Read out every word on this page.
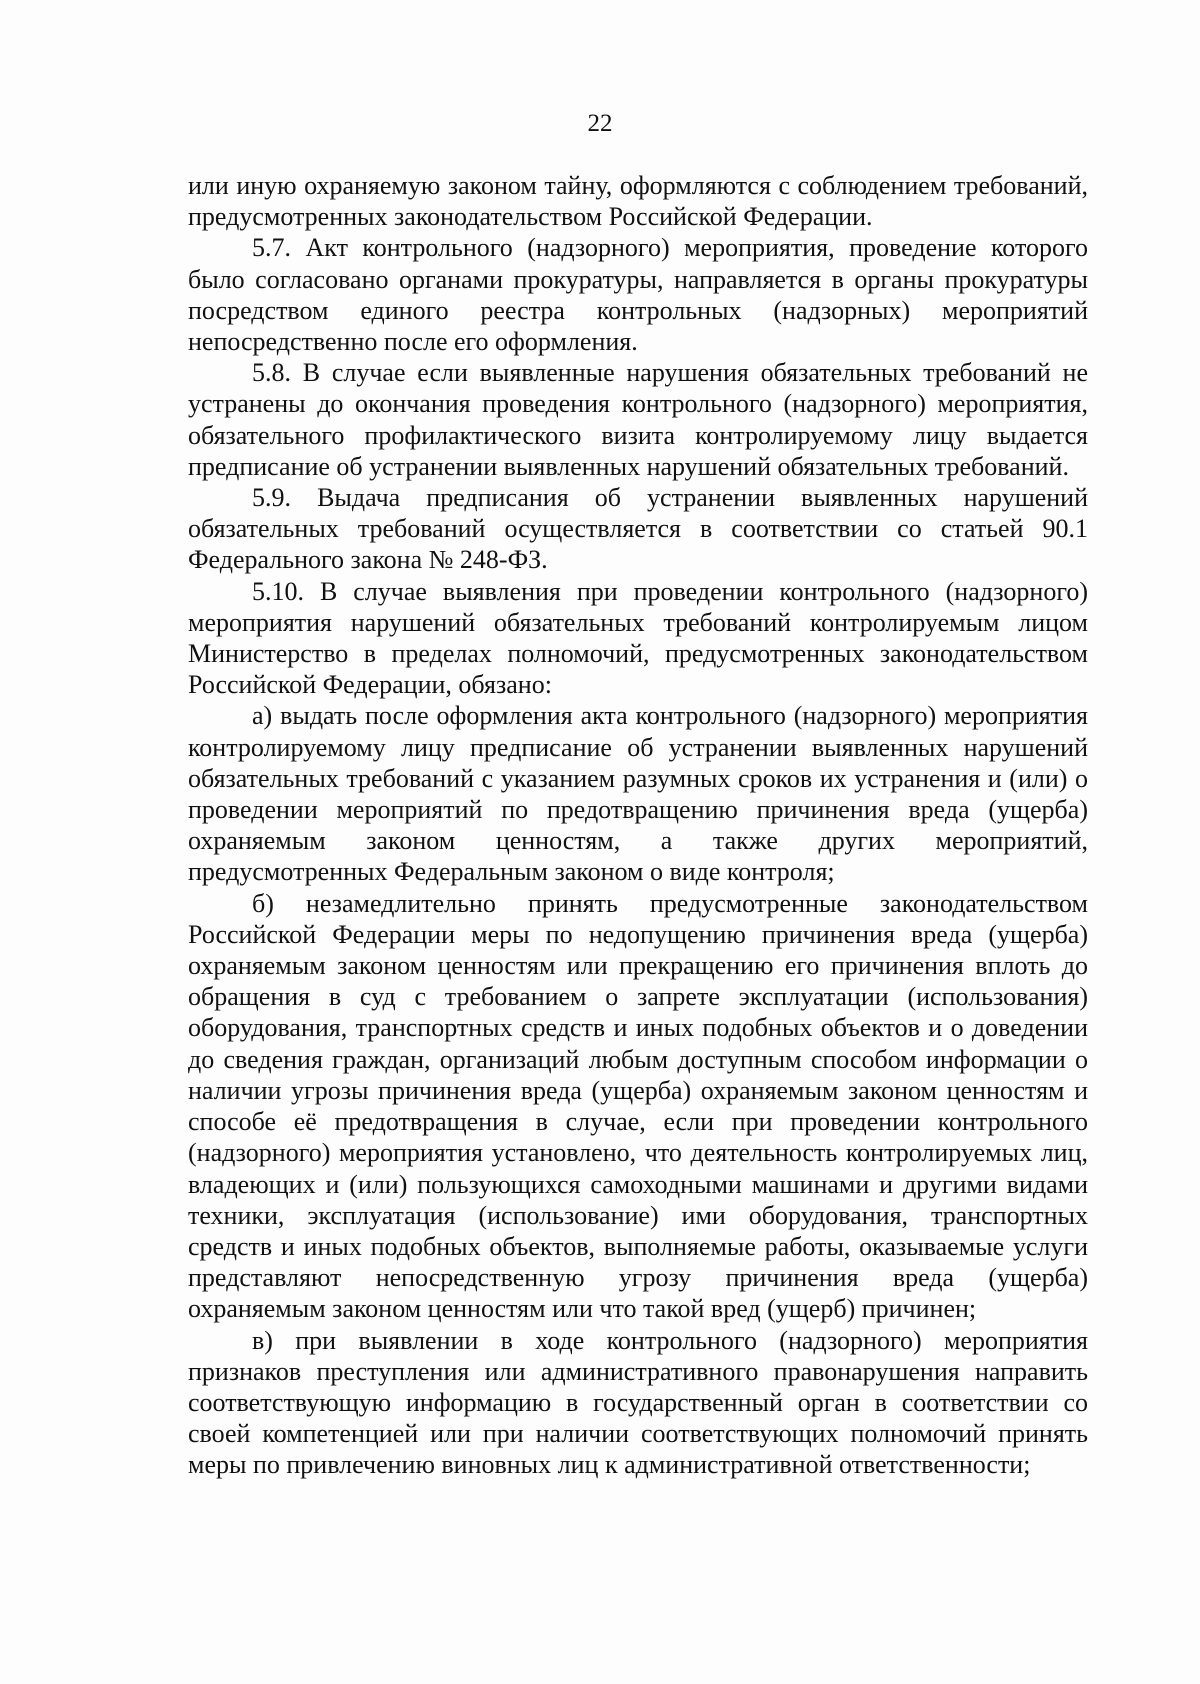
22

или иную охраняемую законом тайну, оформляются с соблюдением требований, предусмотренных законодательством Российской Федерации.

5.7. Акт контрольного (надзорного) мероприятия, проведение которого было согласовано органами прокуратуры, направляется в органы прокуратуры посредством единого реестра контрольных (надзорных) мероприятий непосредственно после его оформления.

5.8. В случае если выявленные нарушения обязательных требований не устранены до окончания проведения контрольного (надзорного) мероприятия, обязательного профилактического визита контролируемому лицу выдается предписание об устранении выявленных нарушений обязательных требований.

5.9. Выдача предписания об устранении выявленных нарушений обязательных требований осуществляется в соответствии со статьей 90.1 Федерального закона № 248-ФЗ.

5.10. В случае выявления при проведении контрольного (надзорного) мероприятия нарушений обязательных требований контролируемым лицом Министерство в пределах полномочий, предусмотренных законодательством Российской Федерации, обязано:

а) выдать после оформления акта контрольного (надзорного) мероприятия контролируемому лицу предписание об устранении выявленных нарушений обязательных требований с указанием разумных сроков их устранения и (или) о проведении мероприятий по предотвращению причинения вреда (ущерба) охраняемым законом ценностям, а также других мероприятий, предусмотренных Федеральным законом о виде контроля;

б) незамедлительно принять предусмотренные законодательством Российской Федерации меры по недопущению причинения вреда (ущерба) охраняемым законом ценностям или прекращению его причинения вплоть до обращения в суд с требованием о запрете эксплуатации (использования) оборудования, транспортных средств и иных подобных объектов и о доведении до сведения граждан, организаций любым доступным способом информации о наличии угрозы причинения вреда (ущерба) охраняемым законом ценностям и способе её предотвращения в случае, если при проведении контрольного (надзорного) мероприятия установлено, что деятельность контролируемых лиц, владеющих и (или) пользующихся самоходными машинами и другими видами техники, эксплуатация (использование) ими оборудования, транспортных средств и иных подобных объектов, выполняемые работы, оказываемые услуги представляют непосредственную угрозу причинения вреда (ущерба) охраняемым законом ценностям или что такой вред (ущерб) причинен;

в) при выявлении в ходе контрольного (надзорного) мероприятия признаков преступления или административного правонарушения направить соответствующую информацию в государственный орган в соответствии со своей компетенцией или при наличии соответствующих полномочий принять меры по привлечению виновных лиц к административной ответственности;
